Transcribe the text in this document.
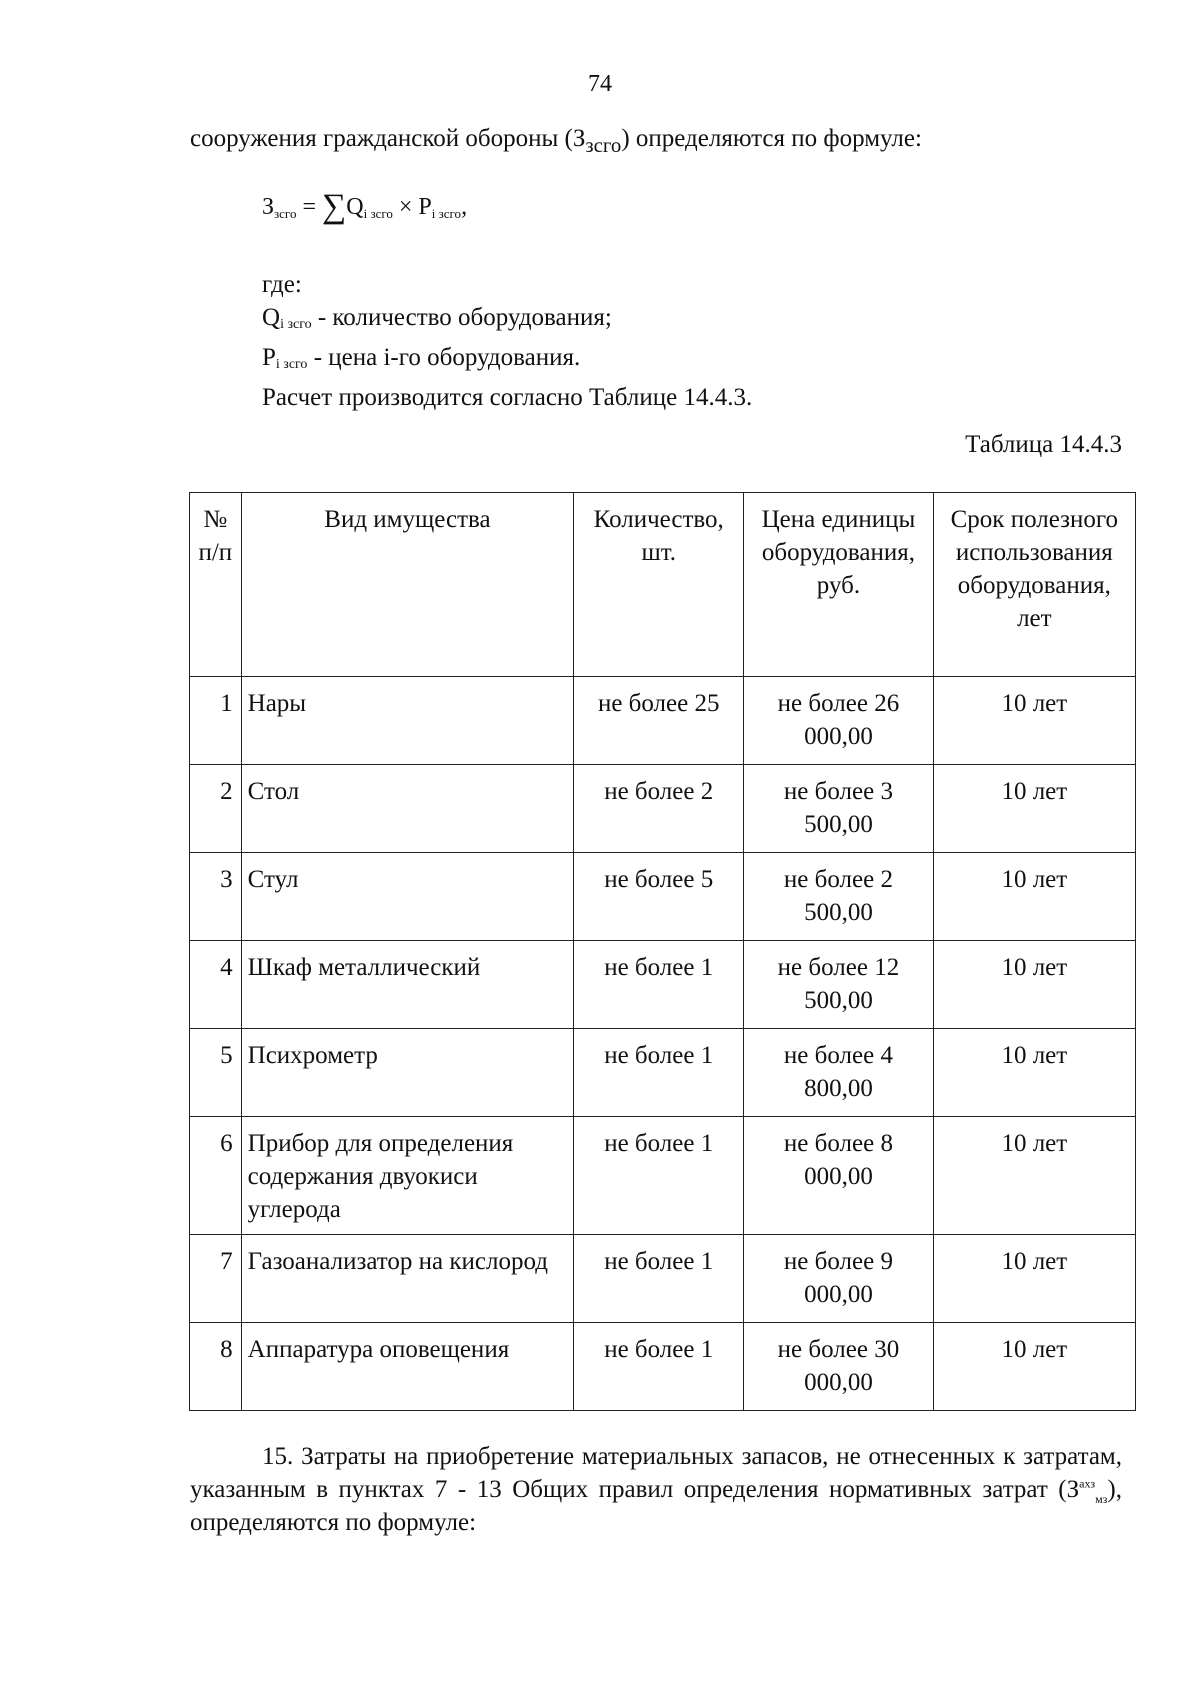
74
сооружения гражданской обороны $(З_{зсго})$ определяются по формуле:
$З_{зсго} = \sum Q_{i зсго} \times P_{i зсго}$,

где:

$Q_{i зсго}$ - количество оборудования;

$P_{i зсго}$ - цена i-го оборудования.

Расчет производится согласно Таблице 14.4.3.

Таблица 14.4.3
№ п/п	Вид имущества	Количество, шт.	Цена единицы оборудования, руб.	Срок полезного использования оборудования, лет
1	Нары	не более 25	не более 26 000,00	10 лет
2	Стол	не более 2	не более 3 500,00	10 лет
3	Стул	не более 5	не более 2 500,00	10 лет
4	Шкаф металлический	не более 1	не более 12 500,00	10 лет
5	Психрометр	не более 1	не более 4 800,00	10 лет
6	Прибор для определения содержания двуокиси углерода	не более 1	не более 8 000,00	10 лет
7	Газоанализатор на кислород	не более 1	не более 9 000,00	10 лет
8	Аппаратура оповещения	не более 1	не более 30 000,00	10 лет

15. Затраты на приобретение материальных запасов, не отнесенных к затратам, указанным в пунктах 7 - 13 Общих правил определения нормативных затрат $(З^{ахз}_{мз})$, определяются по формуле:
